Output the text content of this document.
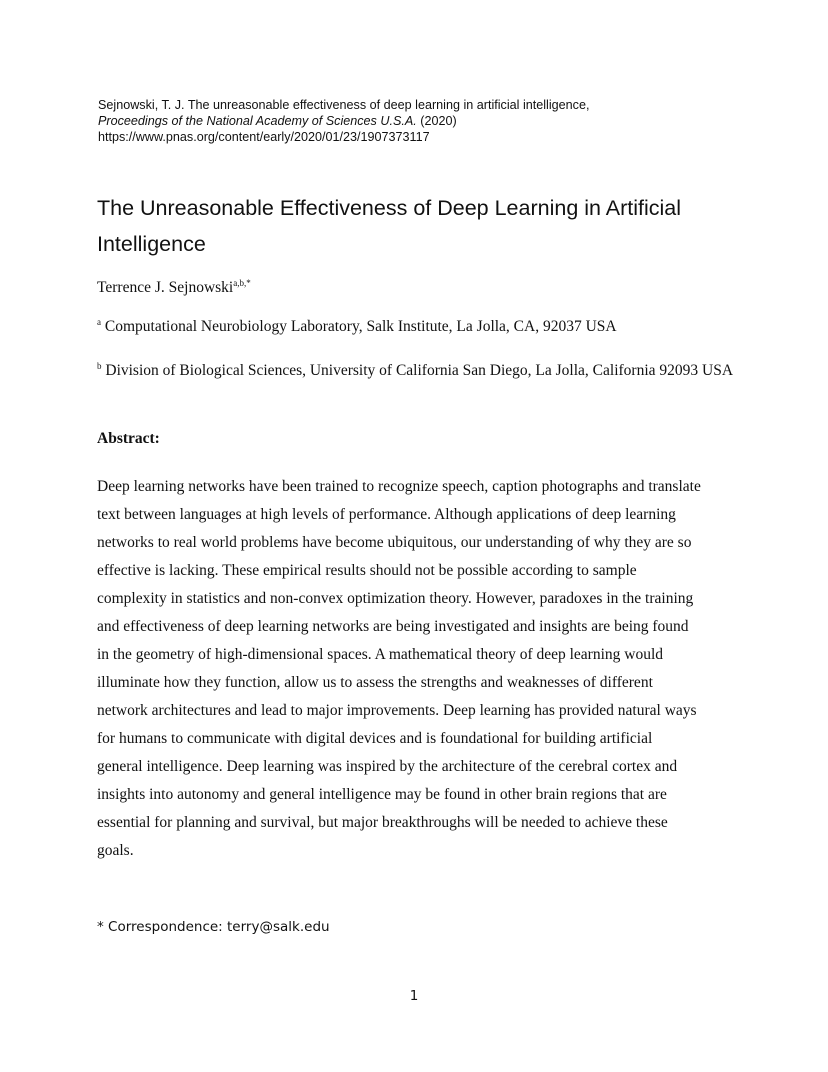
Sejnowski, T. J. The unreasonable effectiveness of deep learning in artificial intelligence,
Proceedings of the National Academy of Sciences U.S.A. (2020)
https://www.pnas.org/content/early/2020/01/23/1907373117
The Unreasonable Effectiveness of Deep Learning in Artificial Intelligence
Terrence J. Sejnowski$^{a,b,*}$
$^a$ Computational Neurobiology Laboratory, Salk Institute, La Jolla, CA, 92037 USA
$^b$ Division of Biological Sciences, University of California San Diego, La Jolla, California 92093 USA
Abstract:
Deep learning networks have been trained to recognize speech, caption photographs and translate
text between languages at high levels of performance. Although applications of deep learning
networks to real world problems have become ubiquitous, our understanding of why they are so
effective is lacking. These empirical results should not be possible according to sample
complexity in statistics and non-convex optimization theory. However, paradoxes in the training
and effectiveness of deep learning networks are being investigated and insights are being found
in the geometry of high-dimensional spaces. A mathematical theory of deep learning would
illuminate how they function, allow us to assess the strengths and weaknesses of different
network architectures and lead to major improvements. Deep learning has provided natural ways
for humans to communicate with digital devices and is foundational for building artificial
general intelligence. Deep learning was inspired by the architecture of the cerebral cortex and
insights into autonomy and general intelligence may be found in other brain regions that are
essential for planning and survival, but major breakthroughs will be needed to achieve these
goals.
* Correspondence: terry@salk.edu
1
